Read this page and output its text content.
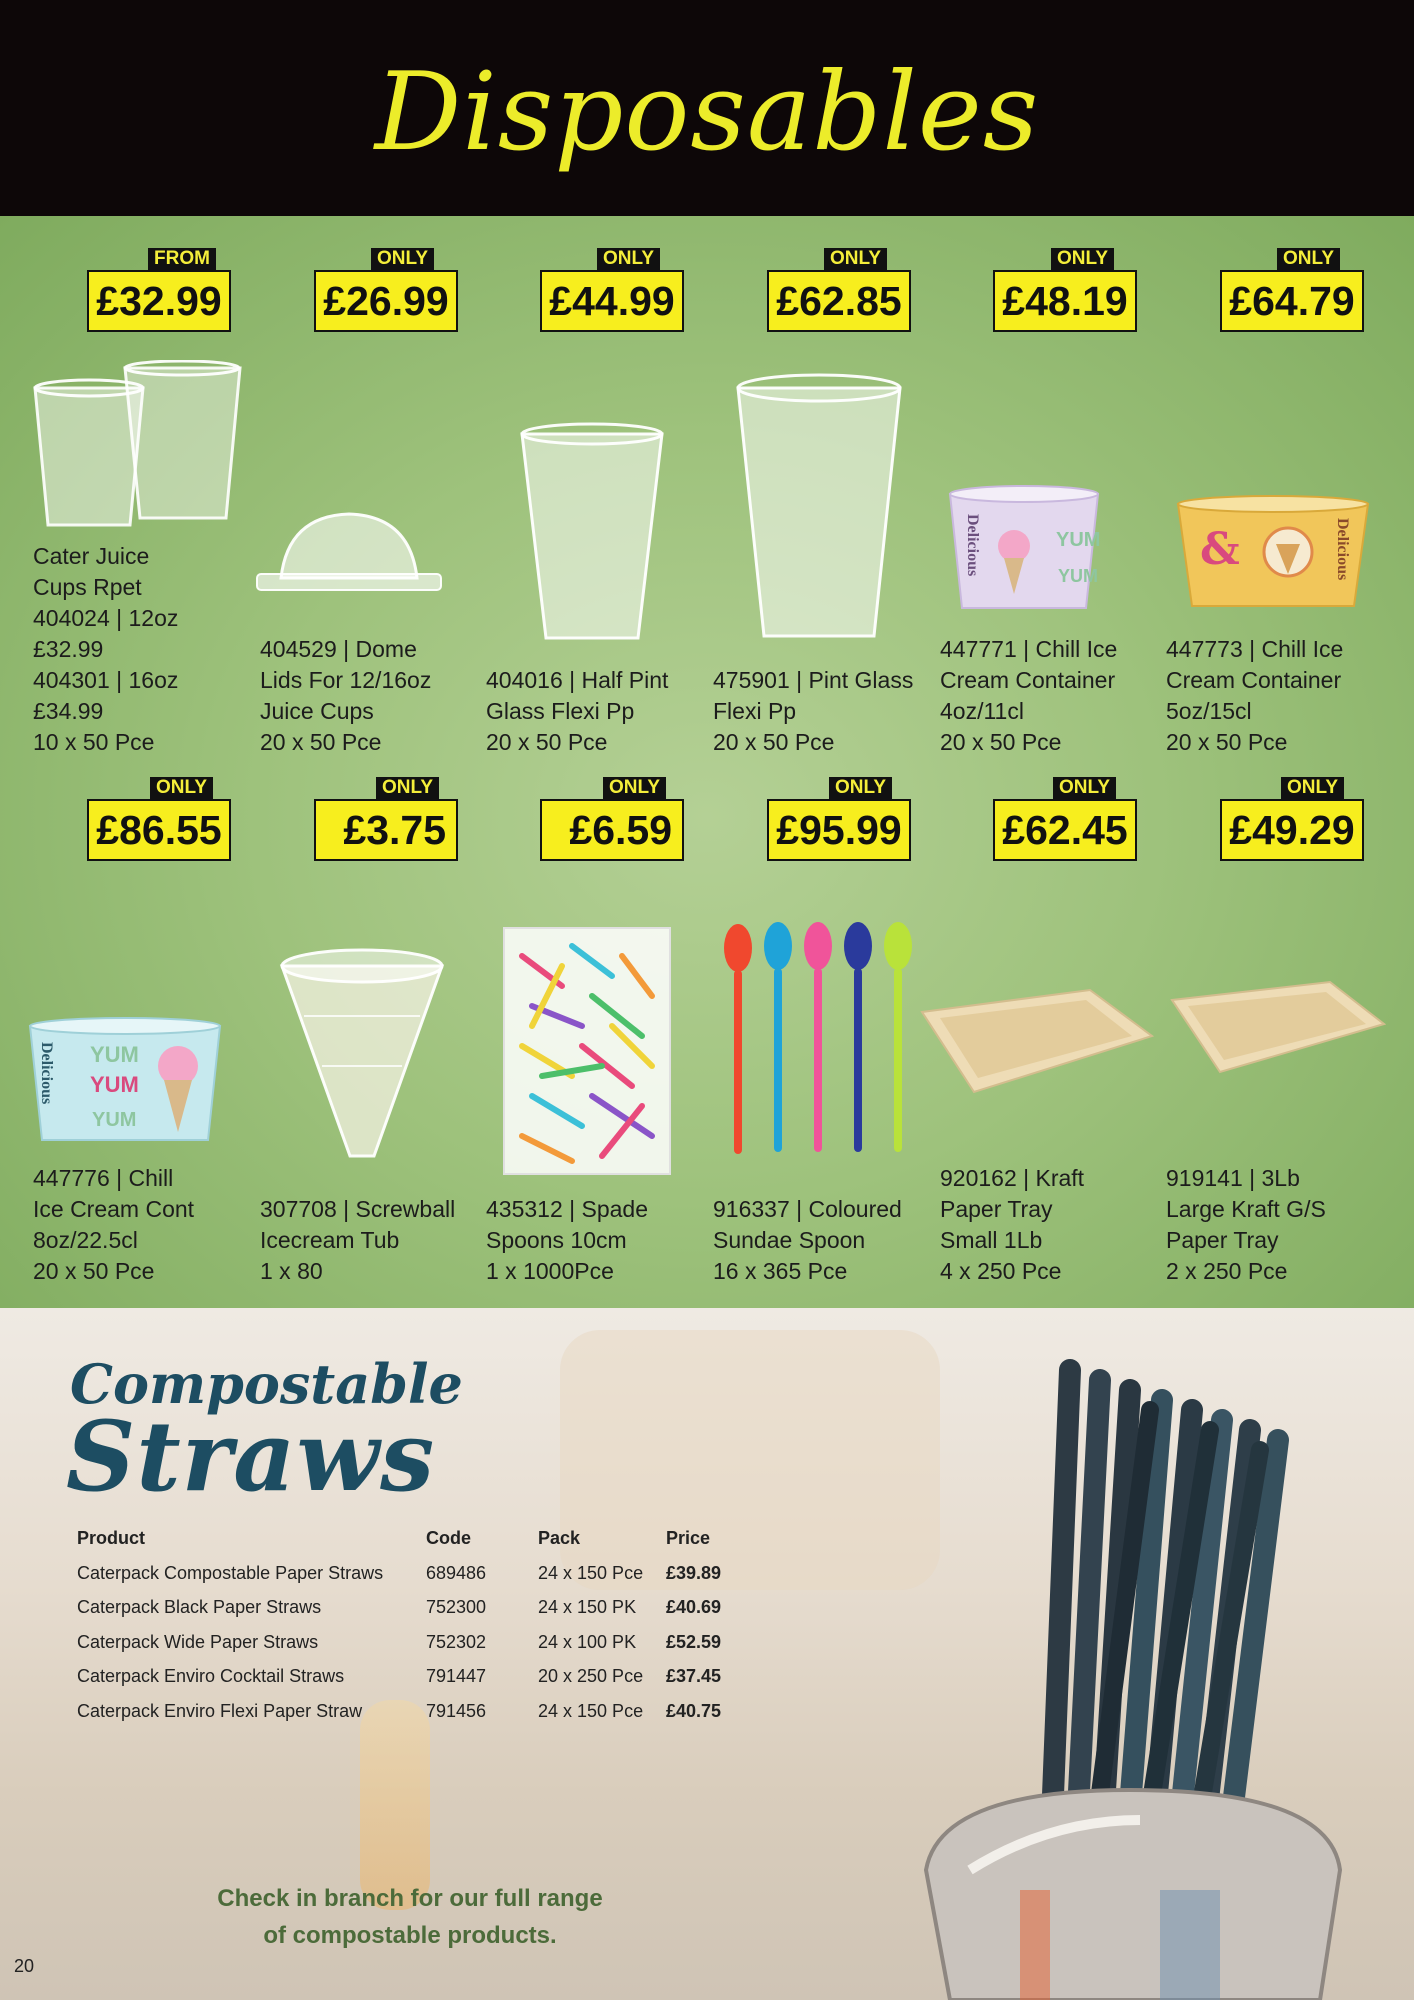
Disposables
FROM
£32.99
ONLY
£26.99
ONLY
£44.99
ONLY
£62.85
ONLY
£48.19
ONLY
£64.79
ONLY
£86.55
ONLY
£3.75
ONLY
£6.59
ONLY
£95.99
ONLY
£62.45
ONLY
£49.29
YUM
YUM
Delicious	&	Delicious
YUM
YUM
YUM
Delicious
Cater Juice
Cups Rpet
404024 | 12oz
£32.99
404301 | 16oz
£34.99
10 x 50 Pce
404529 | Dome
Lids For 12/16oz
Juice Cups
20 x 50 Pce
404016 | Half Pint
Glass Flexi Pp
20 x 50 Pce
475901 | Pint Glass
Flexi Pp
20 x 50 Pce
447771 | Chill Ice
Cream Container
4oz/11cl
20 x 50 Pce
447773 | Chill Ice
Cream Container
5oz/15cl
20 x 50 Pce
447776 | Chill
Ice Cream Cont
8oz/22.5cl
20 x 50 Pce
307708 | Screwball
Icecream Tub
1 x 80
435312 | Spade
Spoons 10cm
1 x 1000Pce
916337 | Coloured
Sundae Spoon
16 x 365 Pce
920162 | Kraft
Paper Tray
Small 1Lb
4 x 250 Pce
919141 | 3Lb
Large Kraft G/S
Paper Tray
2 x 250 Pce
Compostable
Straws
Product	Code	Pack	Price
Caterpack Compostable Paper Straws 689486	24 x 150 Pce £39.89
Caterpack Black Paper Straws	752300	24 x 150 PK £40.69
Caterpack Wide Paper Straws	752302	24 x 100 PK £52.59
Caterpack Enviro Cocktail Straws	791447	20 x 250 Pce £37.45
Caterpack Enviro Flexi Paper Straw	791456	24 x 150 Pce £40.75
Check in branch for our full range
of compostable products.
20
